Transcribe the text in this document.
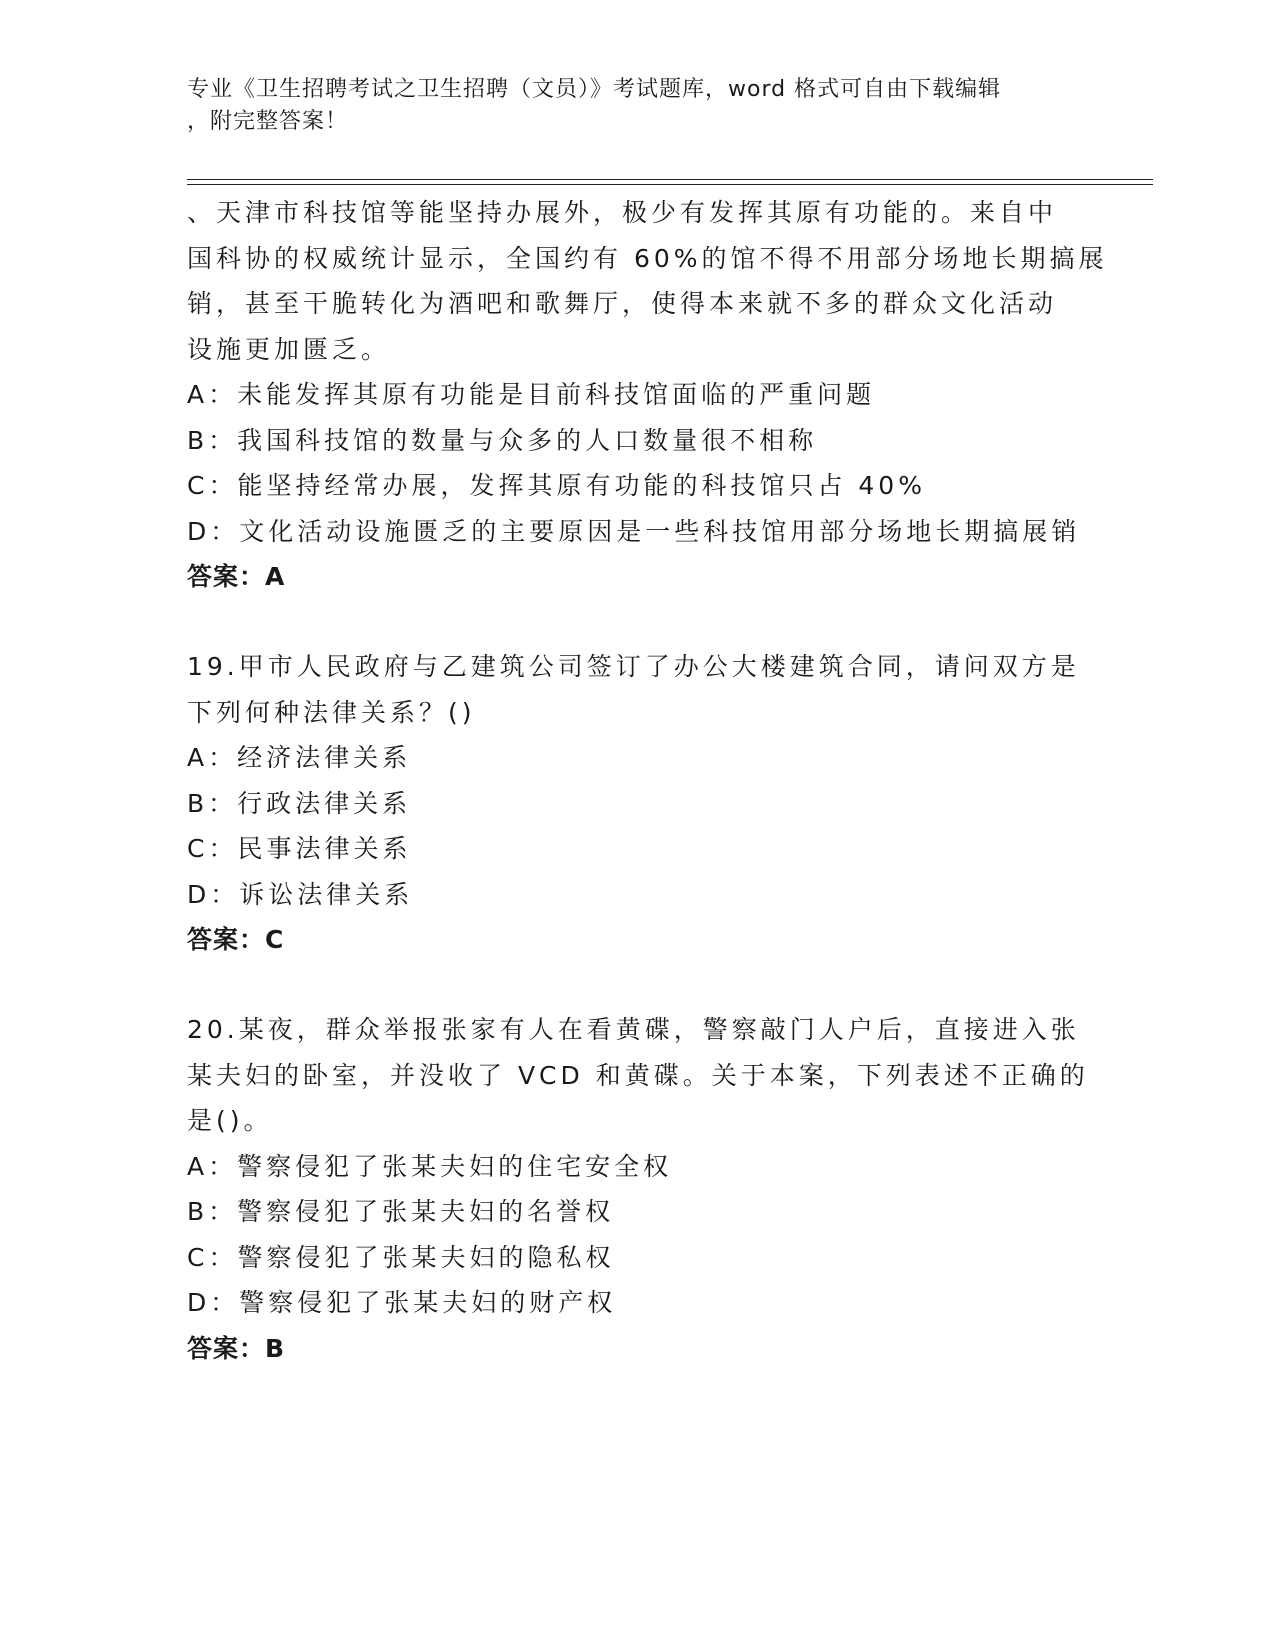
专业《卫生招聘考试之卫生招聘（文员）》考试题库，word 格式可自由下载编辑
，附完整答案！
、天津市科技馆等能坚持办展外，极少有发挥其原有功能的。来自中
国科协的权威统计显示，全国约有 60%的馆不得不用部分场地长期搞展
销，甚至干脆转化为酒吧和歌舞厅，使得本来就不多的群众文化活动
设施更加匮乏。
A：未能发挥其原有功能是目前科技馆面临的严重问题
B：我国科技馆的数量与众多的人口数量很不相称
C：能坚持经常办展，发挥其原有功能的科技馆只占 40%
D：文化活动设施匮乏的主要原因是一些科技馆用部分场地长期搞展销
答案：A
19.甲市人民政府与乙建筑公司签订了办公大楼建筑合同，请问双方是
下列何种法律关系？()
A：经济法律关系
B：行政法律关系
C：民事法律关系
D：诉讼法律关系
答案：C
20.某夜，群众举报张家有人在看黄碟，警察敲门人户后，直接进入张
某夫妇的卧室，并没收了 VCD 和黄碟。关于本案，下列表述不正确的
是()。
A：警察侵犯了张某夫妇的住宅安全权
B：警察侵犯了张某夫妇的名誉权
C：警察侵犯了张某夫妇的隐私权
D：警察侵犯了张某夫妇的财产权
答案：B
